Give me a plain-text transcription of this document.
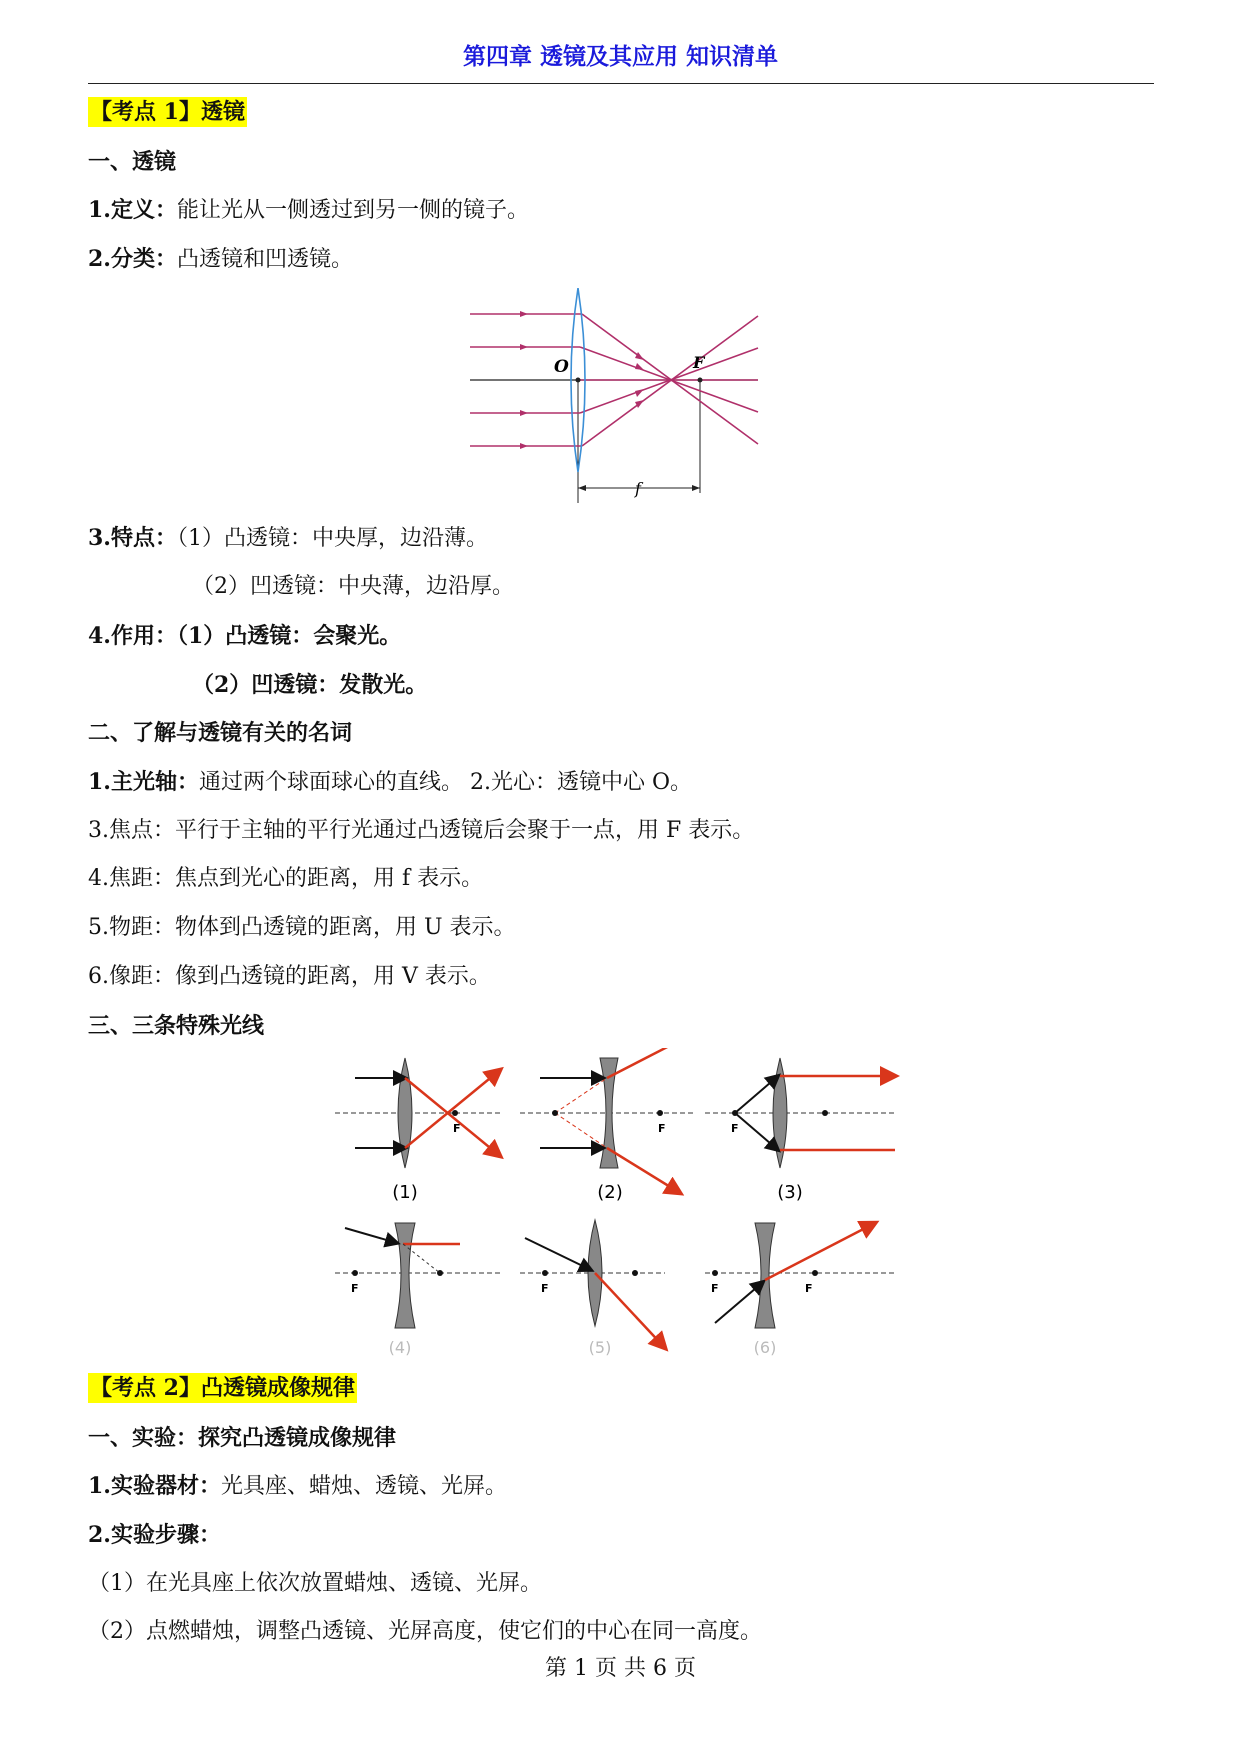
第四章 透镜及其应用 知识清单
【考点 1】透镜
一、透镜
1.定义：能让光从一侧透过到另一侧的镜子。
2.分类：凸透镜和凹透镜。
O	F
f
3.特点：（1）凸透镜：中央厚，边沿薄。
（2）凹透镜：中央薄，边沿厚。
4.作用：（1）凸透镜：会聚光。
（2）凹透镜：发散光。
二、了解与透镜有关的名词
1.主光轴：通过两个球面球心的直线。 2.光心：透镜中心 O。
3.焦点：平行于主轴的平行光通过凸透镜后会聚于一点，用 F 表示。
4.焦距：焦点到光心的距离，用 f 表示。
5.物距：物体到凸透镜的距离，用 U 表示。
6.像距：像到凸透镜的距离，用 V 表示。
三、三条特殊光线
F
(1)
F
(2)
F
(3)
F
(4)
F
(5)
F	F
(6)
【考点 2】凸透镜成像规律
一、实验：探究凸透镜成像规律
1.实验器材：光具座、蜡烛、透镜、光屏。
2.实验步骤：
（1）在光具座上依次放置蜡烛、透镜、光屏。
（2）点燃蜡烛，调整凸透镜、光屏高度，使它们的中心在同一高度。
第 1 页 共 6 页
